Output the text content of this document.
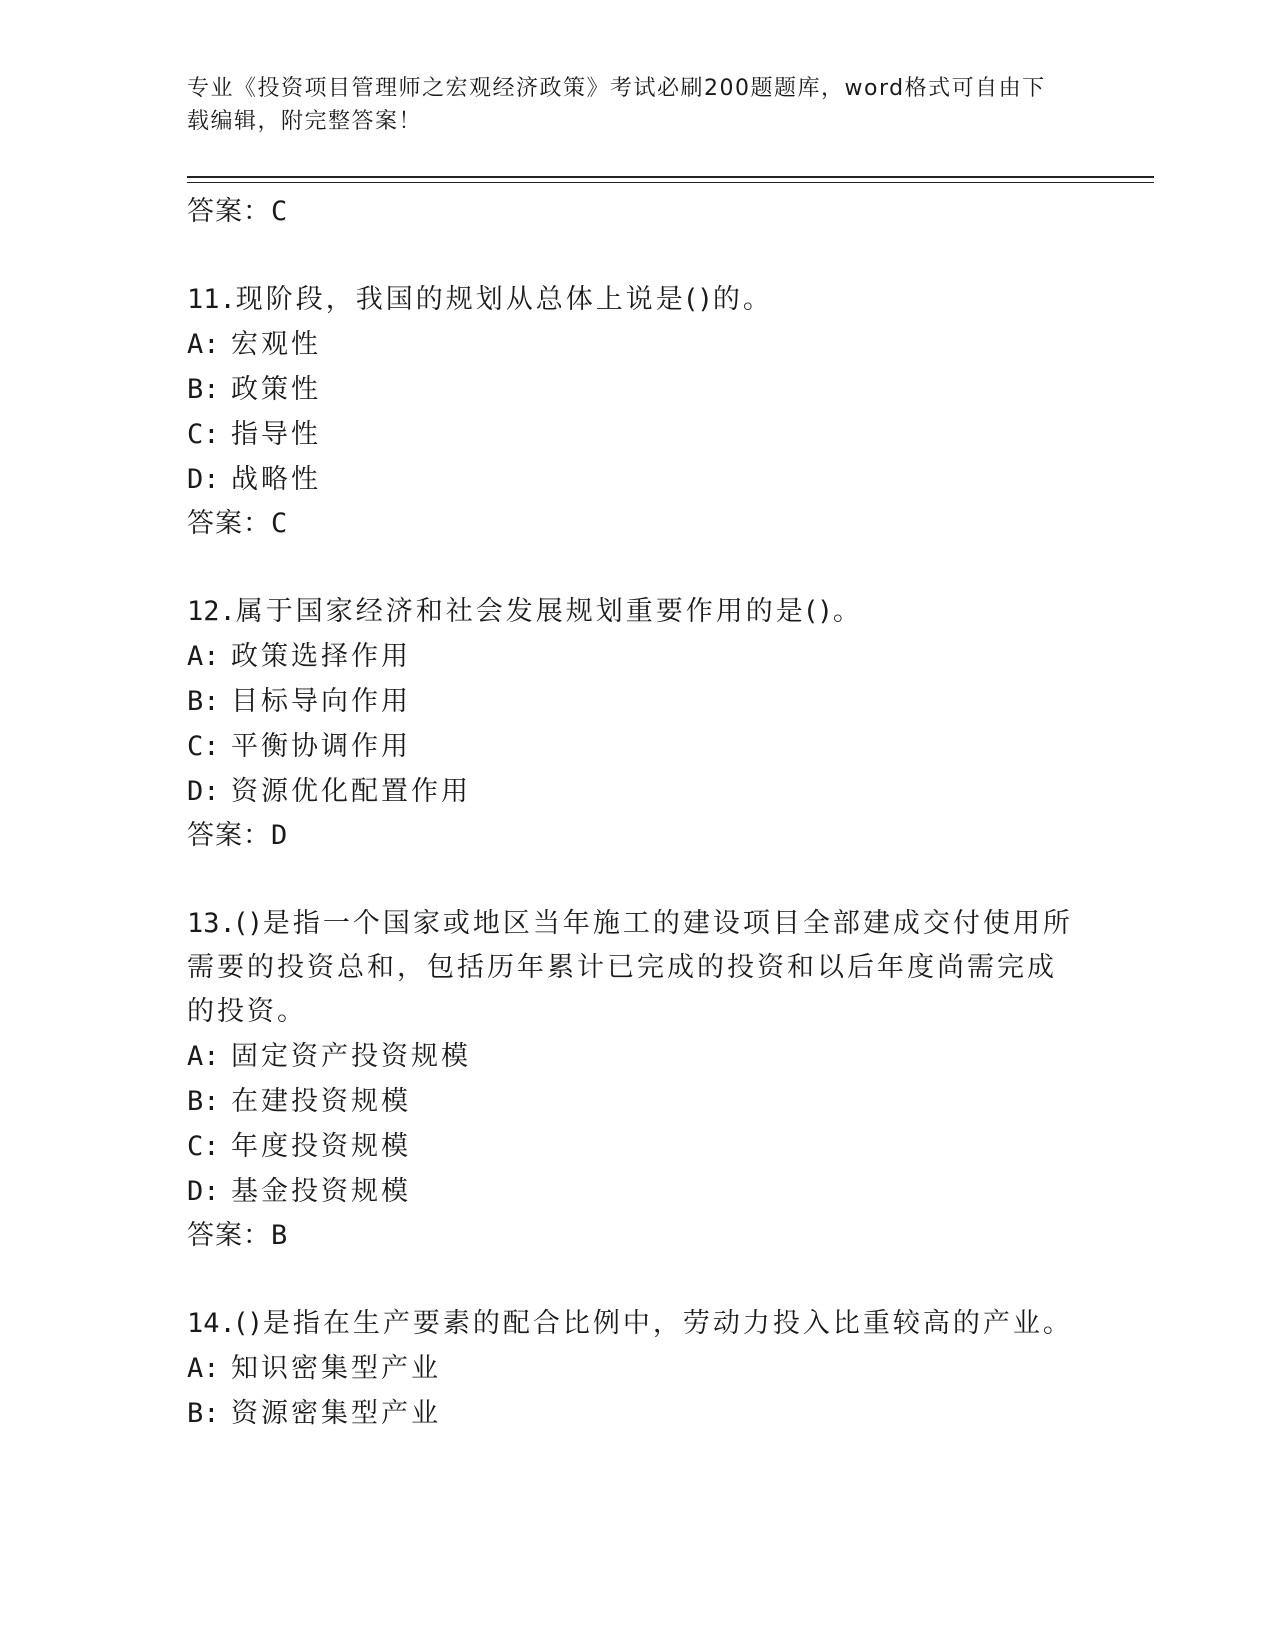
专业《投资项目管理师之宏观经济政策》考试必刷200题题库，word格式可自由下载编辑，附完整答案！
答案：C
11.现阶段，我国的规划从总体上说是()的。
A: 宏观性
B: 政策性
C: 指导性
D: 战略性
答案：C
12.属于国家经济和社会发展规划重要作用的是()。
A: 政策选择作用
B: 目标导向作用
C: 平衡协调作用
D: 资源优化配置作用
答案：D
13.()是指一个国家或地区当年施工的建设项目全部建成交付使用所需要的投资总和，包括历年累计已完成的投资和以后年度尚需完成的投资。
A: 固定资产投资规模
B: 在建投资规模
C: 年度投资规模
D: 基金投资规模
答案：B
14.()是指在生产要素的配合比例中，劳动力投入比重较高的产业。
A: 知识密集型产业
B: 资源密集型产业
